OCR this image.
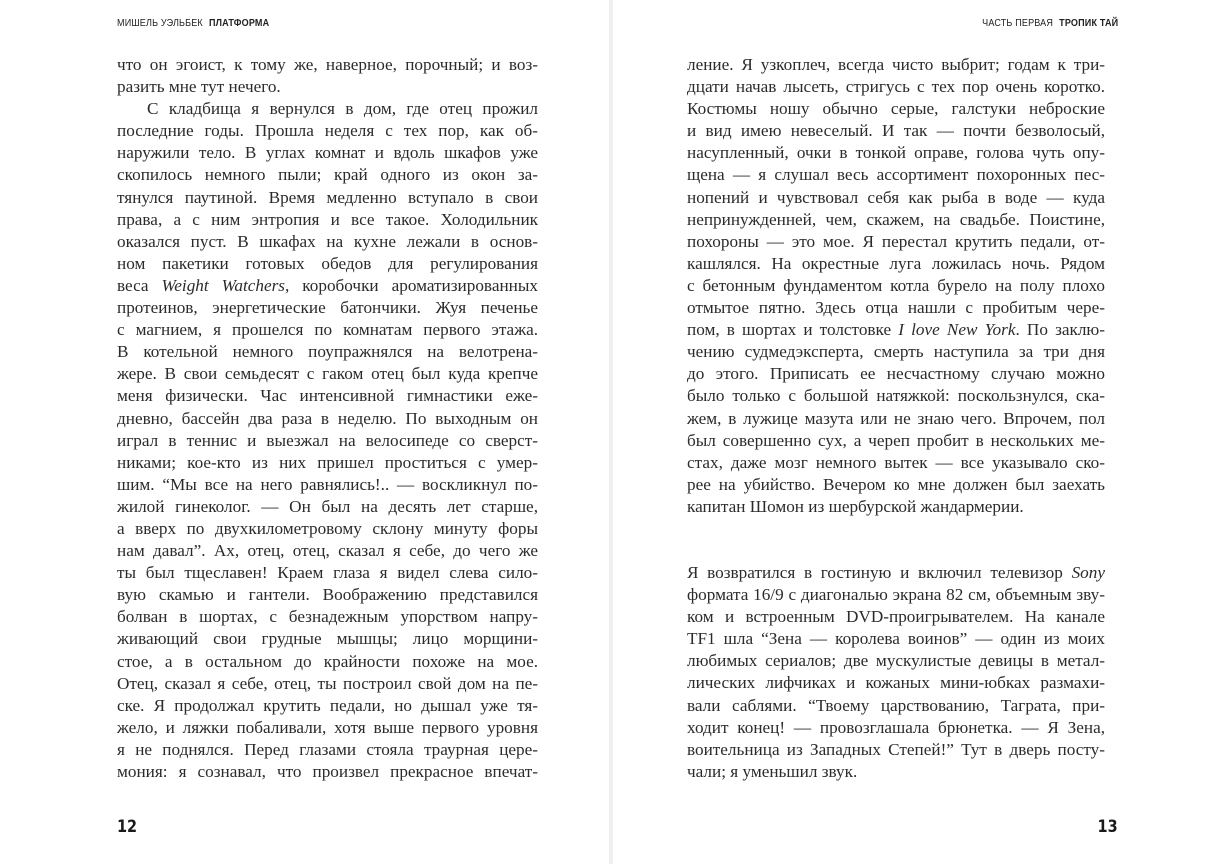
МИШЕЛЬ УЭЛЬБЕК ПЛАТФОРМА
что он эгоист, к тому же, наверное, порочный; и воз-
разить мне тут нечего.
С кладбища я вернулся в дом, где отец прожил
последние годы. Прошла неделя с тех пор, как об-
наружили тело. В углах комнат и вдоль шкафов уже
скопилось немного пыли; край одного из окон за-
тянулся паутиной. Время медленно вступало в свои
права, а с ним энтропия и все такое. Холодильник
оказался пуст. В шкафах на кухне лежали в основ-
ном пакетики готовых обедов для регулирования
веса Weight Watchers, коробочки ароматизированных
протеинов, энергетические батончики. Жуя печенье
с магнием, я прошелся по комнатам первого этажа.
В котельной немного поупражнялся на велотрена-
жере. В свои семьдесят с гаком отец был куда крепче
меня физически. Час интенсивной гимнастики еже-
дневно, бассейн два раза в неделю. По выходным он
играл в теннис и выезжал на велосипеде со сверст-
никами; кое-кто из них пришел проститься с умер-
шим. “Мы все на него равнялись!.. — воскликнул по-
жилой гинеколог. — Он был на десять лет старше,
а вверх по двухкилометровому склону минуту форы
нам давал”. Ах, отец, отец, сказал я себе, до чего же
ты был тщеславен! Краем глаза я видел слева сило-
вую скамью и гантели. Воображению представился
болван в шортах, с безнадежным упорством напру-
живающий свои грудные мышцы; лицо морщини-
стое, а в остальном до крайности похоже на мое.
Отец, сказал я себе, отец, ты построил свой дом на пе-
ске. Я продолжал крутить педали, но дышал уже тя-
жело, и ляжки побаливали, хотя выше первого уровня
я не поднялся. Перед глазами стояла траурная цере-
мония: я сознавал, что произвел прекрасное впечат-
12
ЧАСТЬ ПЕРВАЯ ТРОПИК ТАЙ
ление. Я узкоплеч, всегда чисто выбрит; годам к три-
дцати начав лысеть, стригусь с тех пор очень коротко.
Костюмы ношу обычно серые, галстуки неброские
и вид имею невеселый. И так — почти безволосый,
насупленный, очки в тонкой оправе, голова чуть опу-
щена — я слушал весь ассортимент похоронных пес-
нопений и чувствовал себя как рыба в воде — куда
непринужденней, чем, скажем, на свадьбе. Поистине,
похороны — это мое. Я перестал крутить педали, от-
кашлялся. На окрестные луга ложилась ночь. Рядом
с бетонным фундаментом котла бурело на полу плохо
отмытое пятно. Здесь отца нашли с пробитым чере-
пом, в шортах и толстовке I love New York. По заклю-
чению судмедэксперта, смерть наступила за три дня
до этого. Приписать ее несчастному случаю можно
было только с большой натяжкой: поскользнулся, ска-
жем, в лужице мазута или не знаю чего. Впрочем, пол
был совершенно сух, а череп пробит в нескольких ме-
стах, даже мозг немного вытек — все указывало ско-
рее на убийство. Вечером ко мне должен был заехать
капитан Шомон из шербурской жандармерии.
Я возвратился в гостиную и включил телевизор Sony
формата 16/9 с диагональю экрана 82 см, объемным зву-
ком и встроенным DVD-проигрывателем. На канале
TF1 шла “Зена — королева воинов” — один из моих
любимых сериалов; две мускулистые девицы в метал-
лических лифчиках и кожаных мини-юбках размахи-
вали саблями. “Твоему царствованию, Таграта, при-
ходит конец! — провозглашала брюнетка. — Я Зена,
воительница из Западных Степей!” Тут в дверь посту-
чали; я уменьшил звук.
13
